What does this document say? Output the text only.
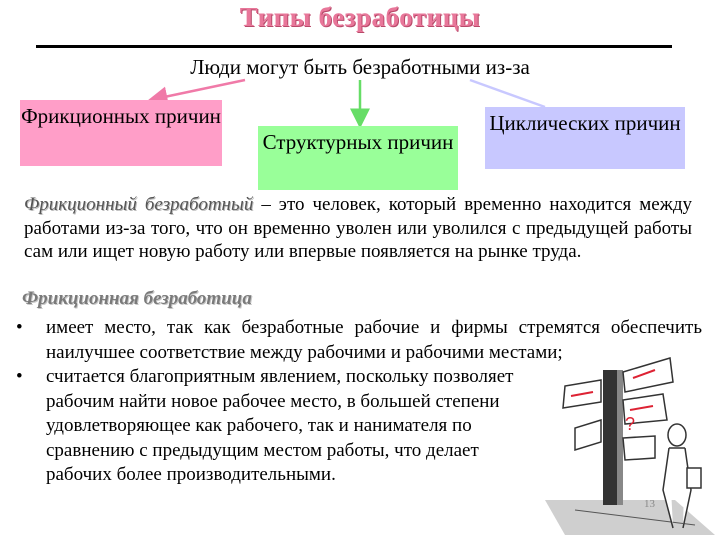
Типы безработицы
Люди могут быть безработными из-за
?
Фрикционных причин
Структурных причин
Циклических причин
Фрикционный безработный – это человек, который временно находится между работами из-за того, что он временно уволен или уволился с предыдущей работы сам или ищет новую работу или впервые появляется на рынке труда.
Фрикционная безработица
• имеет место, так как безработные рабочие и фирмы стремятся обеспечить наилучшее соответствие между рабочими и рабочими местами;
• считается благоприятным явлением, поскольку позволяет рабочим найти новое рабочее место, в большей степени удовлетворяющее как рабочего, так и нанимателя по сравнению с предыдущим местом работы, что делает рабочих более производительными.
13
